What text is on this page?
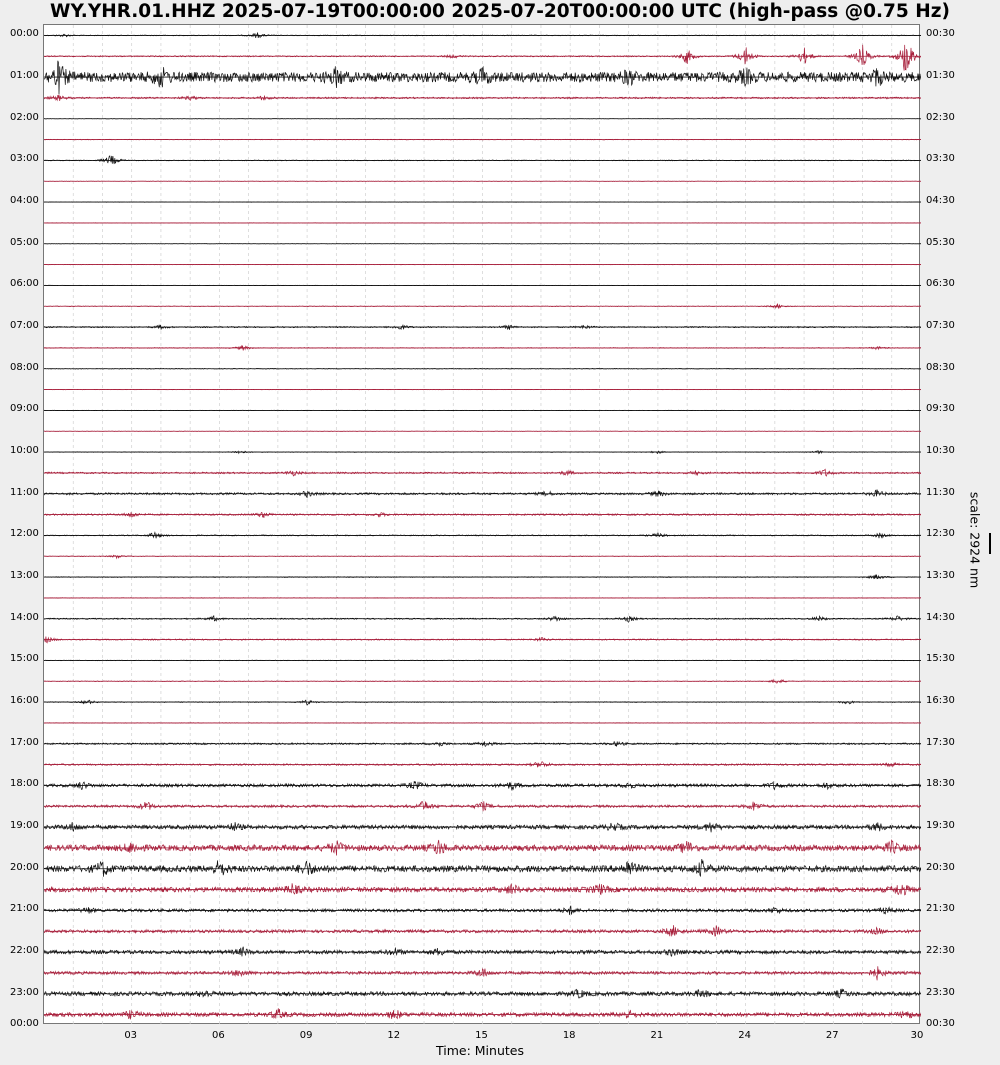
WY.YHR.01.HHZ 2025-07-19T00:00:00 2025-07-20T00:00:00 UTC (high-pass @0.75 Hz)
00:00
01:00
02:00
03:00
04:00
05:00
06:00
07:00
08:00
09:00
10:00
11:00
12:00
13:00
14:00
15:00
16:00
17:00
18:00
19:00
20:00
21:00
22:00
23:00
00:00
00:30
01:30
02:30
03:30
04:30
05:30
06:30
07:30
08:30
09:30
10:30
11:30
12:30
13:30
14:30
15:30
16:30
17:30
18:30
19:30
20:30
21:30
22:30
23:30
00:30
03	06	09	12	15	18	21	24	27	30
Time: Minutes
scale: 2924 nm
